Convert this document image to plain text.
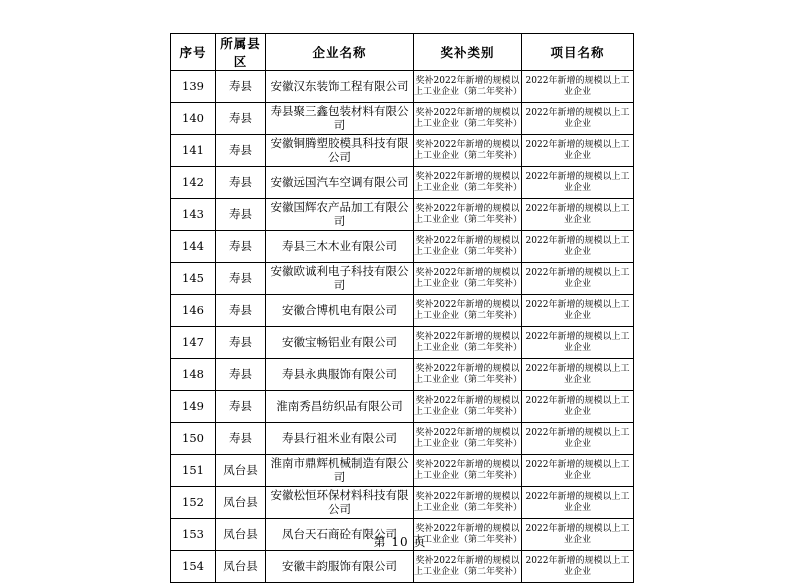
序号	所属县区	企业名称	奖补类别	项目名称
139	寿县	安徽汉东装饰工程有限公司	奖补2022年新增的规模以上工业企业（第二年奖补）	2022年新增的规模以上工业企业
140	寿县	寿县聚三鑫包装材料有限公司	奖补2022年新增的规模以上工业企业（第二年奖补）	2022年新增的规模以上工业企业
141	寿县	安徽铜腾塑胶模具科技有限公司	奖补2022年新增的规模以上工业企业（第二年奖补）	2022年新增的规模以上工业企业
142	寿县	安徽远国汽车空调有限公司	奖补2022年新增的规模以上工业企业（第二年奖补）	2022年新增的规模以上工业企业
143	寿县	安徽国辉农产品加工有限公司	奖补2022年新增的规模以上工业企业（第二年奖补）	2022年新增的规模以上工业企业
144	寿县	寿县三木木业有限公司	奖补2022年新增的规模以上工业企业（第二年奖补）	2022年新增的规模以上工业企业
145	寿县	安徽欧诚利电子科技有限公司	奖补2022年新增的规模以上工业企业（第二年奖补）	2022年新增的规模以上工业企业
146	寿县	安徽合博机电有限公司	奖补2022年新增的规模以上工业企业（第二年奖补）	2022年新增的规模以上工业企业
147	寿县	安徽宝畅铝业有限公司	奖补2022年新增的规模以上工业企业（第二年奖补）	2022年新增的规模以上工业企业
148	寿县	寿县永典服饰有限公司	奖补2022年新增的规模以上工业企业（第二年奖补）	2022年新增的规模以上工业企业
149	寿县	淮南秀昌纺织品有限公司	奖补2022年新增的规模以上工业企业（第二年奖补）	2022年新增的规模以上工业企业
150	寿县	寿县行祖米业有限公司	奖补2022年新增的规模以上工业企业（第二年奖补）	2022年新增的规模以上工业企业
151	凤台县	淮南市鼎辉机械制造有限公司	奖补2022年新增的规模以上工业企业（第二年奖补）	2022年新增的规模以上工业企业
152	凤台县	安徽松恒环保材料科技有限公司	奖补2022年新增的规模以上工业企业（第二年奖补）	2022年新增的规模以上工业企业
153	凤台县	凤台天石商砼有限公司	奖补2022年新增的规模以上工业企业（第二年奖补）	2022年新增的规模以上工业企业
154	凤台县	安徽丰韵服饰有限公司	奖补2022年新增的规模以上工业企业（第二年奖补）	2022年新增的规模以上工业企业
第 10 页
